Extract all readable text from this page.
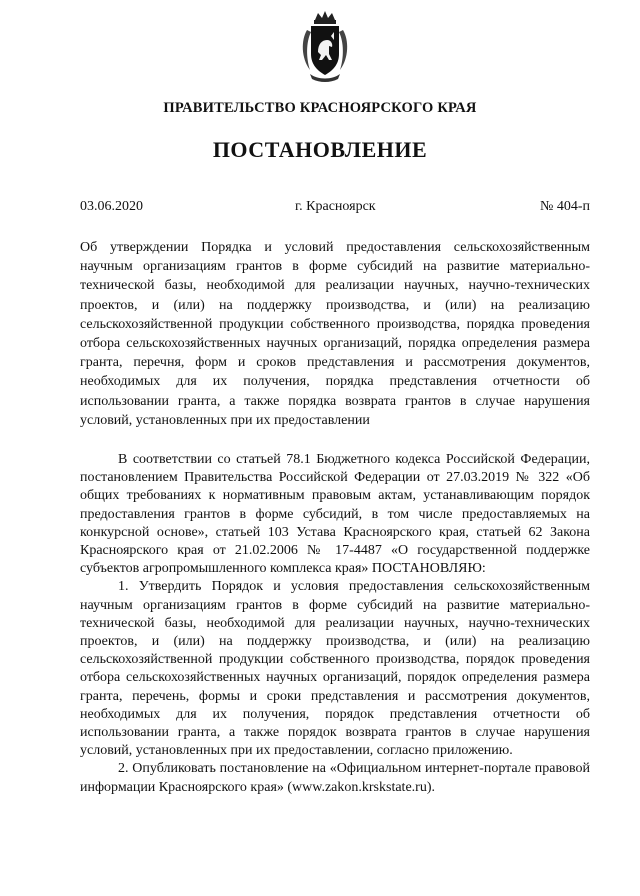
ПРАВИТЕЛЬСТВО КРАСНОЯРСКОГО КРАЯ
ПОСТАНОВЛЕНИЕ
03.06.2020	г. Красноярск	№ 404-п
Об утверждении Порядка и условий предоставления сельскохозяйственным научным организациям грантов в форме субсидий на развитие материально-технической базы, необходимой для реализации научных, научно-технических проектов, и (или) на поддержку производства, и (или) на реализацию сельскохозяйственной продукции собственного производства, порядка проведения отбора сельскохозяйственных научных организаций, порядка определения размера гранта, перечня, форм и сроков представления и рассмотрения документов, необходимых для их получения, порядка представления отчетности об использовании гранта, а также порядка возврата грантов в случае нарушения условий, установленных при их предоставлении

В соответствии со статьей 78.1 Бюджетного кодекса Российской Федерации, постановлением Правительства Российской Федерации от 27.03.2019 № 322 «Об общих требованиях к нормативным правовым актам, устанавливающим порядок предоставления грантов в форме субсидий, в том числе предоставляемых на конкурсной основе», статьей 103 Устава Красноярского края, статьей 62 Закона Красноярского края от 21.02.2006 № 17-4487 «О государственной поддержке субъектов агропромышленного комплекса края» ПОСТАНОВЛЯЮ:

1. Утвердить Порядок и условия предоставления сельскохозяйственным научным организациям грантов в форме субсидий на развитие материально-технической базы, необходимой для реализации научных, научно-технических проектов, и (или) на поддержку производства, и (или) на реализацию сельскохозяйственной продукции собственного производства, порядок проведения отбора сельскохозяйственных научных организаций, порядок определения размера гранта, перечень, формы и сроки представления и рассмотрения документов, необходимых для их получения, порядок представления отчетности об использовании гранта, а также порядок возврата грантов в случае нарушения условий, установленных при их предоставлении, согласно приложению.

2. Опубликовать постановление на «Официальном интернет-портале правовой информации Красноярского края» (www.zakon.krskstate.ru).
